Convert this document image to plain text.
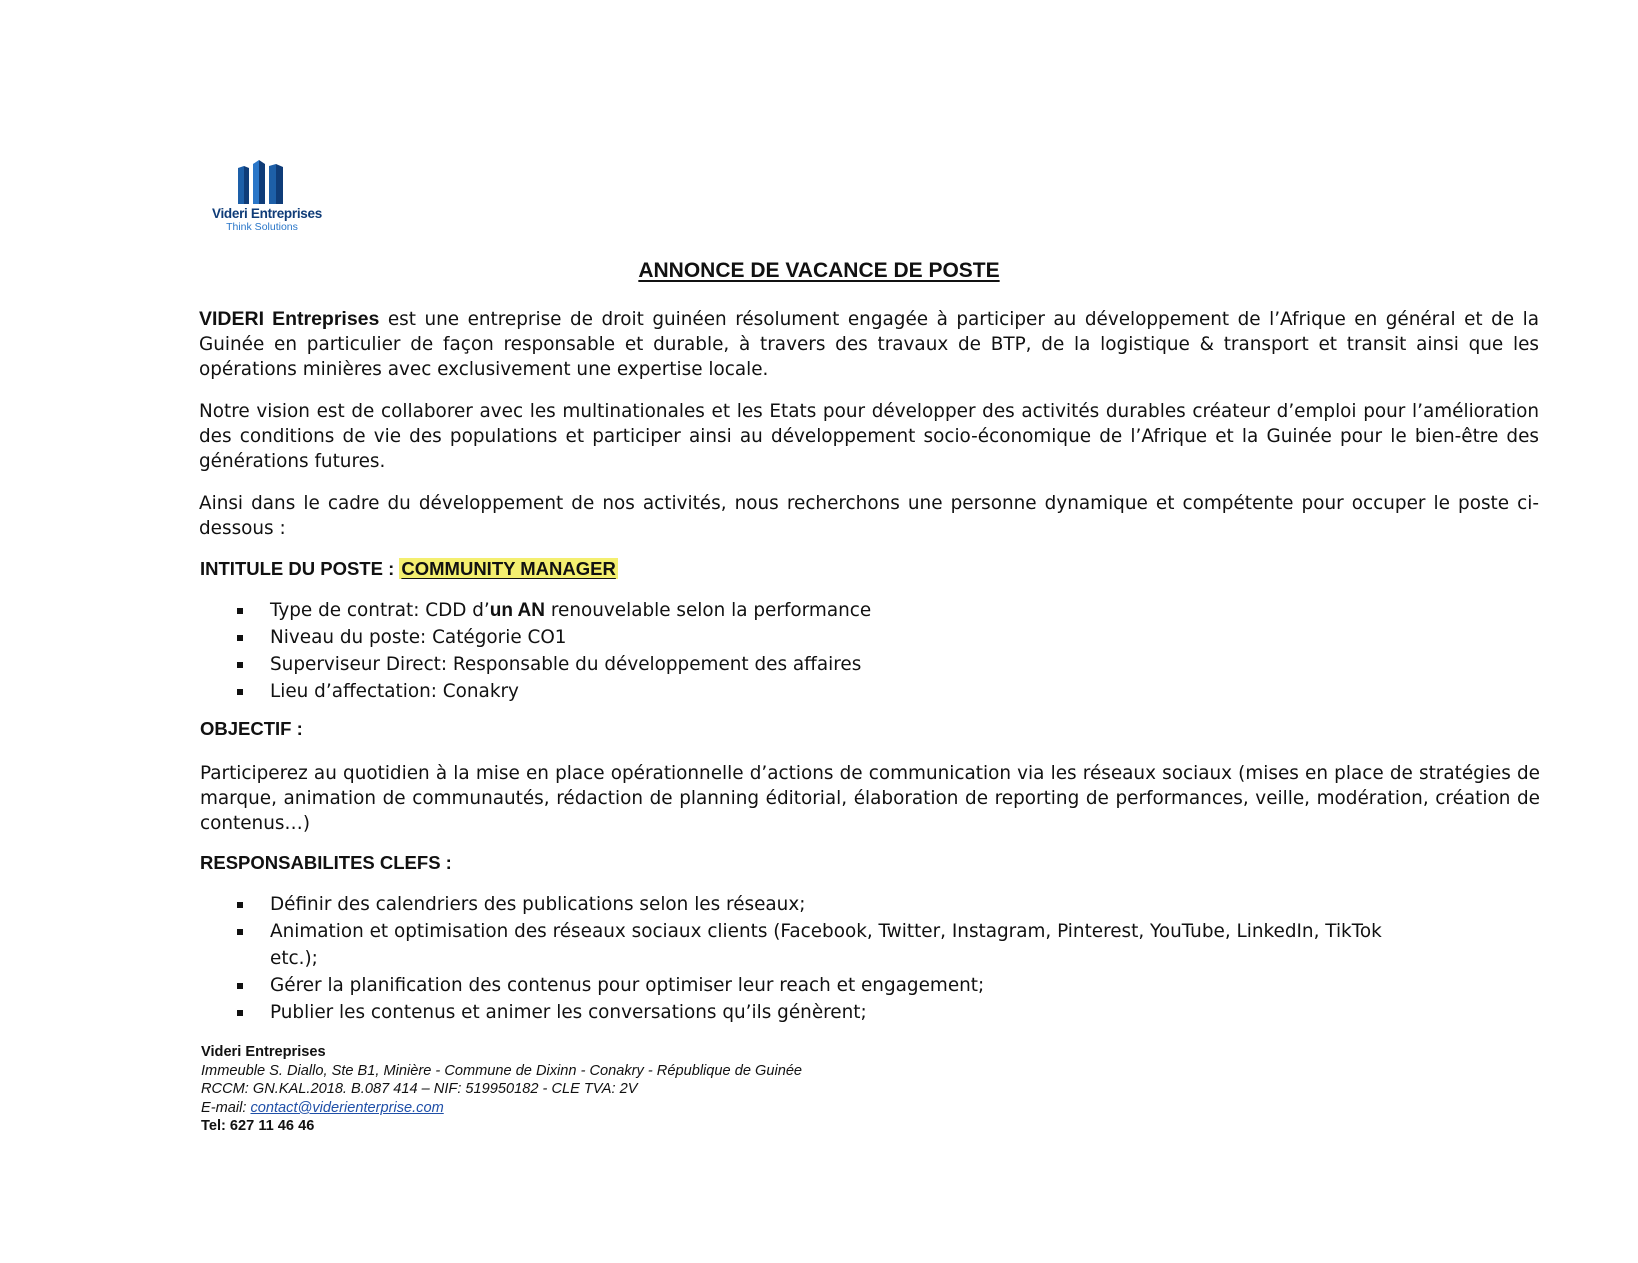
Videri Entreprises
Think Solutions
ANNONCE DE VACANCE DE POSTE

VIDERI Entreprises est une entreprise de droit guinéen résolument engagée à participer au développement de l’Afrique en général et de la Guinée en particulier de façon responsable et durable, à travers des travaux de BTP, de la logistique & transport et transit ainsi que les opérations minières avec exclusivement une expertise locale.

Notre vision est de collaborer avec les multinationales et les Etats pour développer des activités durables créateur d’emploi pour l’amélioration des conditions de vie des populations et participer ainsi au développement socio-économique de l’Afrique et la Guinée pour le bien-être des générations futures.

Ainsi dans le cadre du développement de nos activités, nous recherchons une personne dynamique et compétente pour occuper le poste ci-dessous :

INTITULE DU POSTE : COMMUNITY MANAGER

Type de contrat: CDD d’un AN renouvelable selon la performance
Niveau du poste: Catégorie CO1
Superviseur Direct: Responsable du développement des affaires
Lieu d’affectation: Conakry

OBJECTIF :

Participerez au quotidien à la mise en place opérationnelle d’actions de communication via les réseaux sociaux (mises en place de stratégies de marque, animation de communautés, rédaction de planning éditorial, élaboration de reporting de performances, veille, modération, création de contenus…)

RESPONSABILITES CLEFS :

Définir des calendriers des publications selon les réseaux;
Animation et optimisation des réseaux sociaux clients (Facebook, Twitter, Instagram, Pinterest, YouTube, LinkedIn, TikTok etc.);
Gérer la planification des contenus pour optimiser leur reach et engagement;
Publier les contenus et animer les conversations qu’ils génèrent;
Videri Entreprises
Immeuble S. Diallo, Ste B1, Minière - Commune de Dixinn - Conakry - République de Guinée
RCCM: GN.KAL.2018. B.087 414 – NIF: 519950182 - CLE TVA: 2V
E-mail: contact@viderienterprise.com
Tel: 627 11 46 46
